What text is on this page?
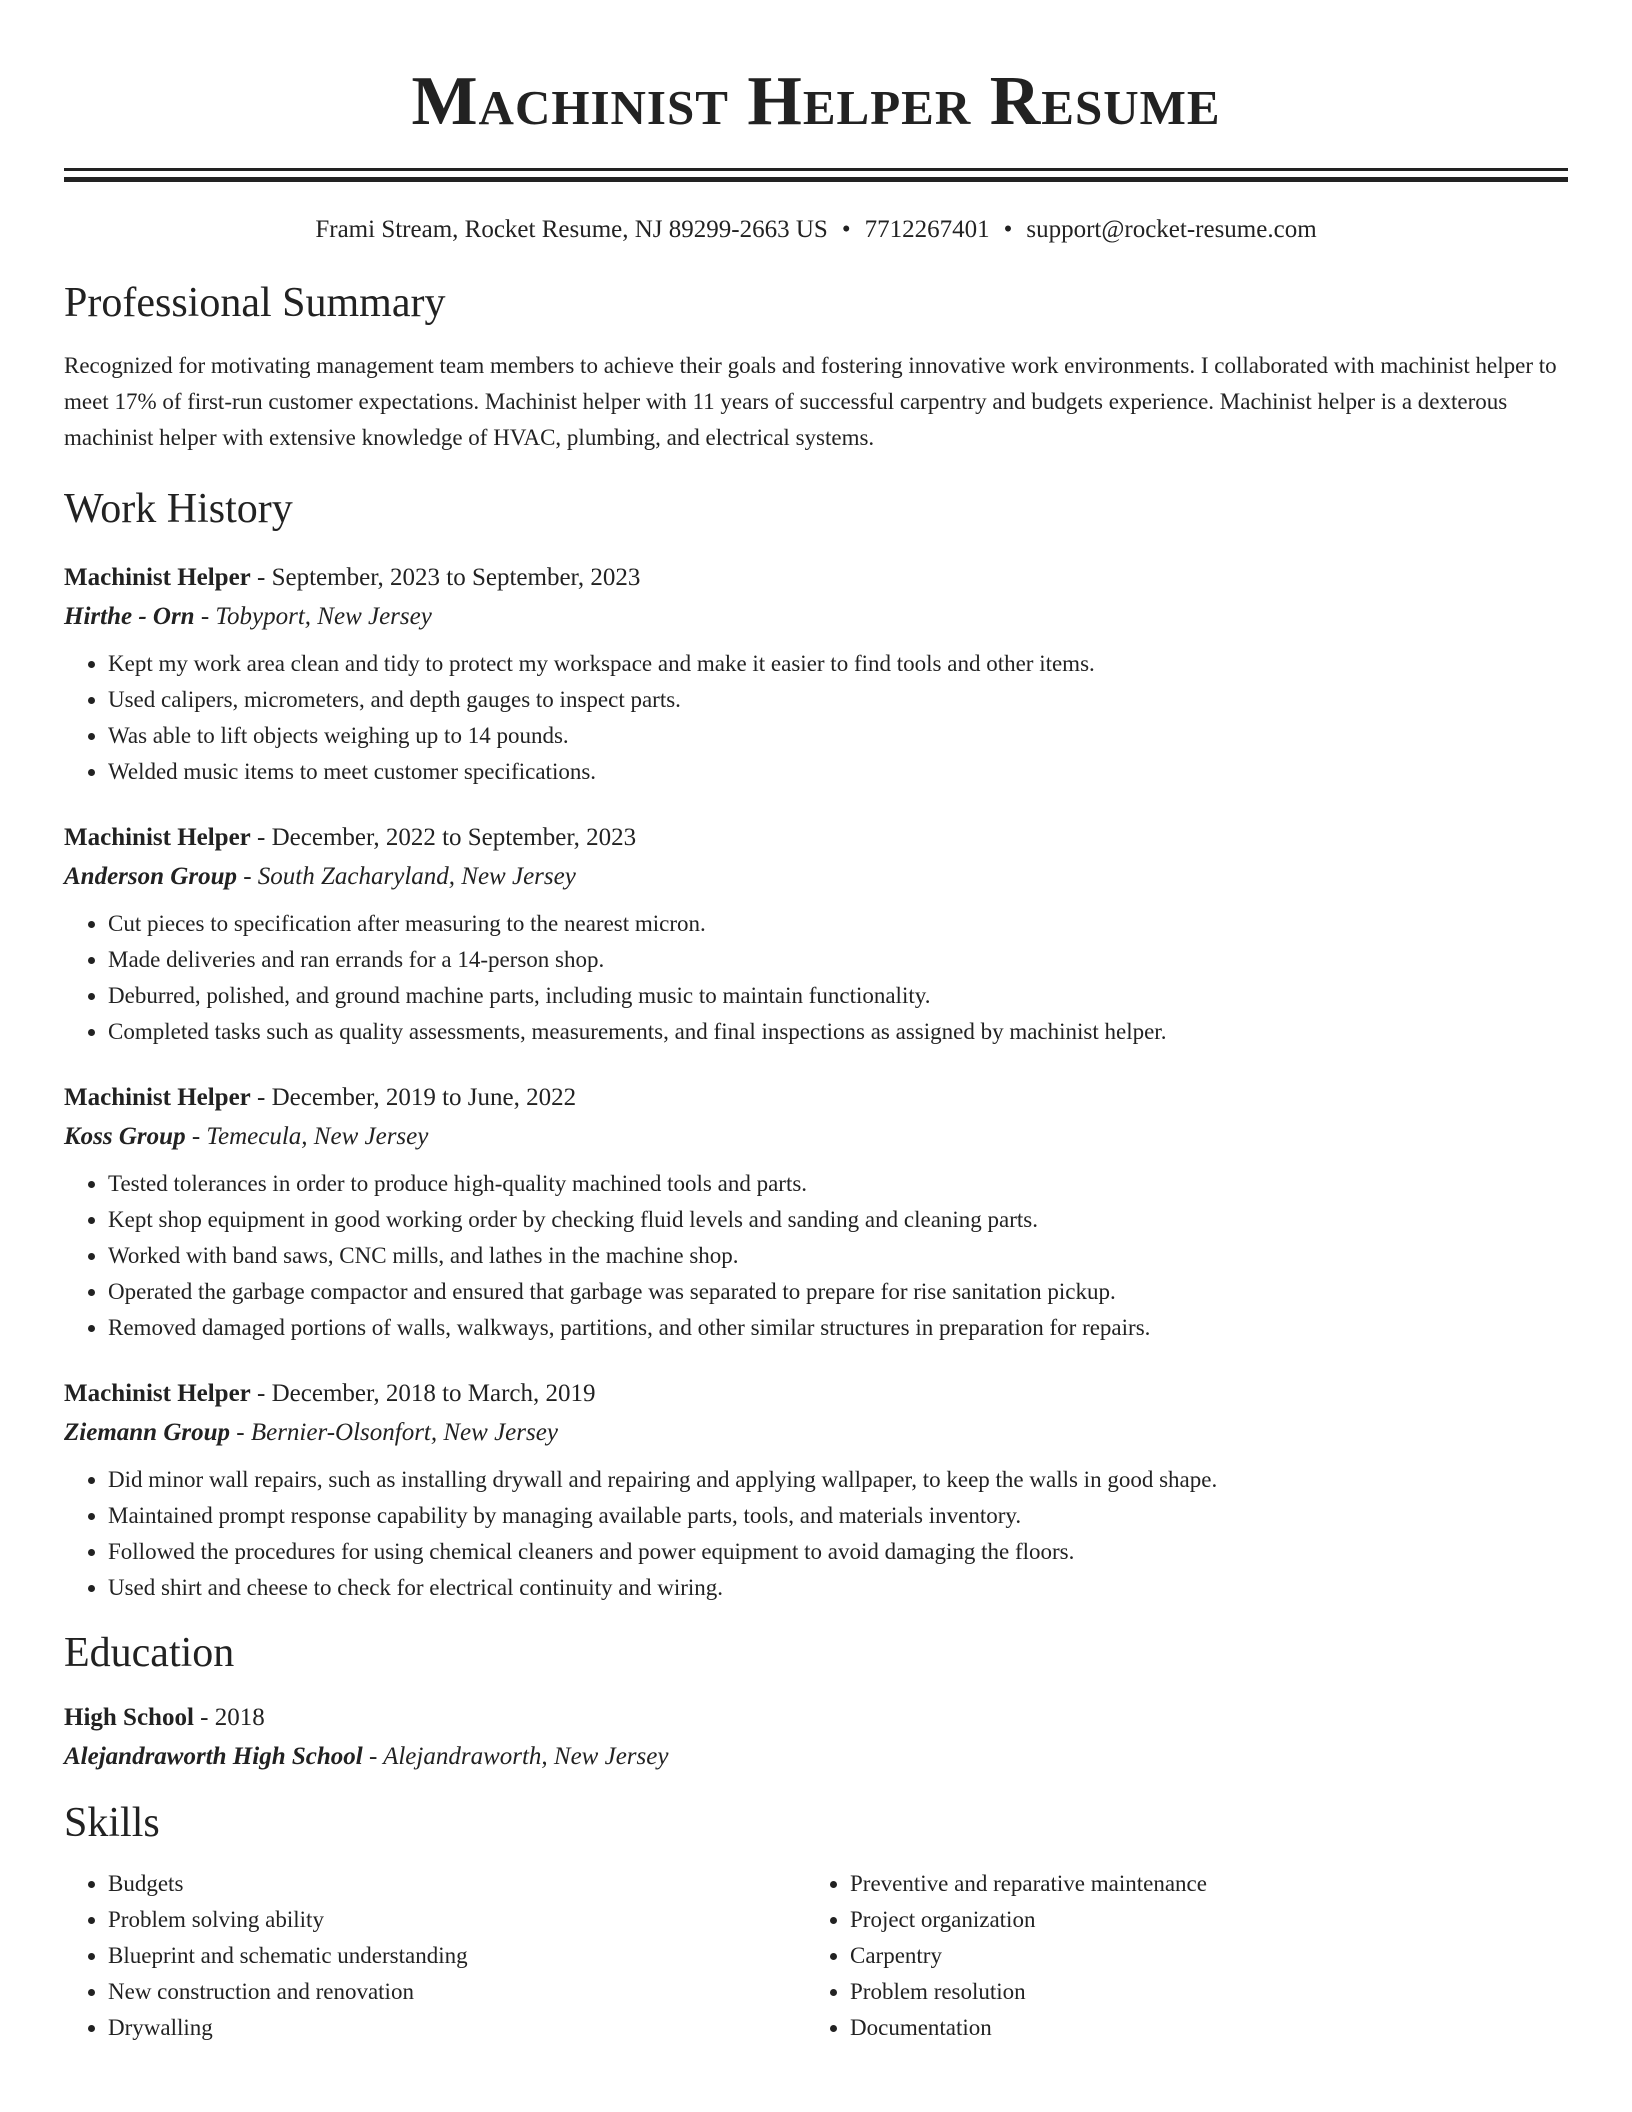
Machinist Helper Resume
Frami Stream, Rocket Resume, NJ 89299-2663 US • 7712267401 • support@rocket-resume.com
Professional Summary
Recognized for motivating management team members to achieve their goals and fostering innovative work environments. I collaborated with machinist helper to meet 17% of first-run customer expectations. Machinist helper with 11 years of successful carpentry and budgets experience. Machinist helper is a dexterous machinist helper with extensive knowledge of HVAC, plumbing, and electrical systems.
Work History
Machinist Helper - September, 2023 to September, 2023
Hirthe - Orn - Tobyport, New Jersey
• Kept my work area clean and tidy to protect my workspace and make it easier to find tools and other items.
• Used calipers, micrometers, and depth gauges to inspect parts.
• Was able to lift objects weighing up to 14 pounds.
• Welded music items to meet customer specifications.
Machinist Helper - December, 2022 to September, 2023
Anderson Group - South Zacharyland, New Jersey
• Cut pieces to specification after measuring to the nearest micron.
• Made deliveries and ran errands for a 14-person shop.
• Deburred, polished, and ground machine parts, including music to maintain functionality.
• Completed tasks such as quality assessments, measurements, and final inspections as assigned by machinist helper.
Machinist Helper - December, 2019 to June, 2022
Koss Group - Temecula, New Jersey
• Tested tolerances in order to produce high-quality machined tools and parts.
• Kept shop equipment in good working order by checking fluid levels and sanding and cleaning parts.
• Worked with band saws, CNC mills, and lathes in the machine shop.
• Operated the garbage compactor and ensured that garbage was separated to prepare for rise sanitation pickup.
• Removed damaged portions of walls, walkways, partitions, and other similar structures in preparation for repairs.
Machinist Helper - December, 2018 to March, 2019
Ziemann Group - Bernier-Olsonfort, New Jersey
• Did minor wall repairs, such as installing drywall and repairing and applying wallpaper, to keep the walls in good shape.
• Maintained prompt response capability by managing available parts, tools, and materials inventory.
• Followed the procedures for using chemical cleaners and power equipment to avoid damaging the floors.
• Used shirt and cheese to check for electrical continuity and wiring.
Education
High School - 2018
Alejandraworth High School - Alejandraworth, New Jersey
Skills
• Budgets
• Problem solving ability
• Blueprint and schematic understanding
• New construction and renovation
• Drywalling
• Preventive and reparative maintenance
• Project organization
• Carpentry
• Problem resolution
• Documentation
